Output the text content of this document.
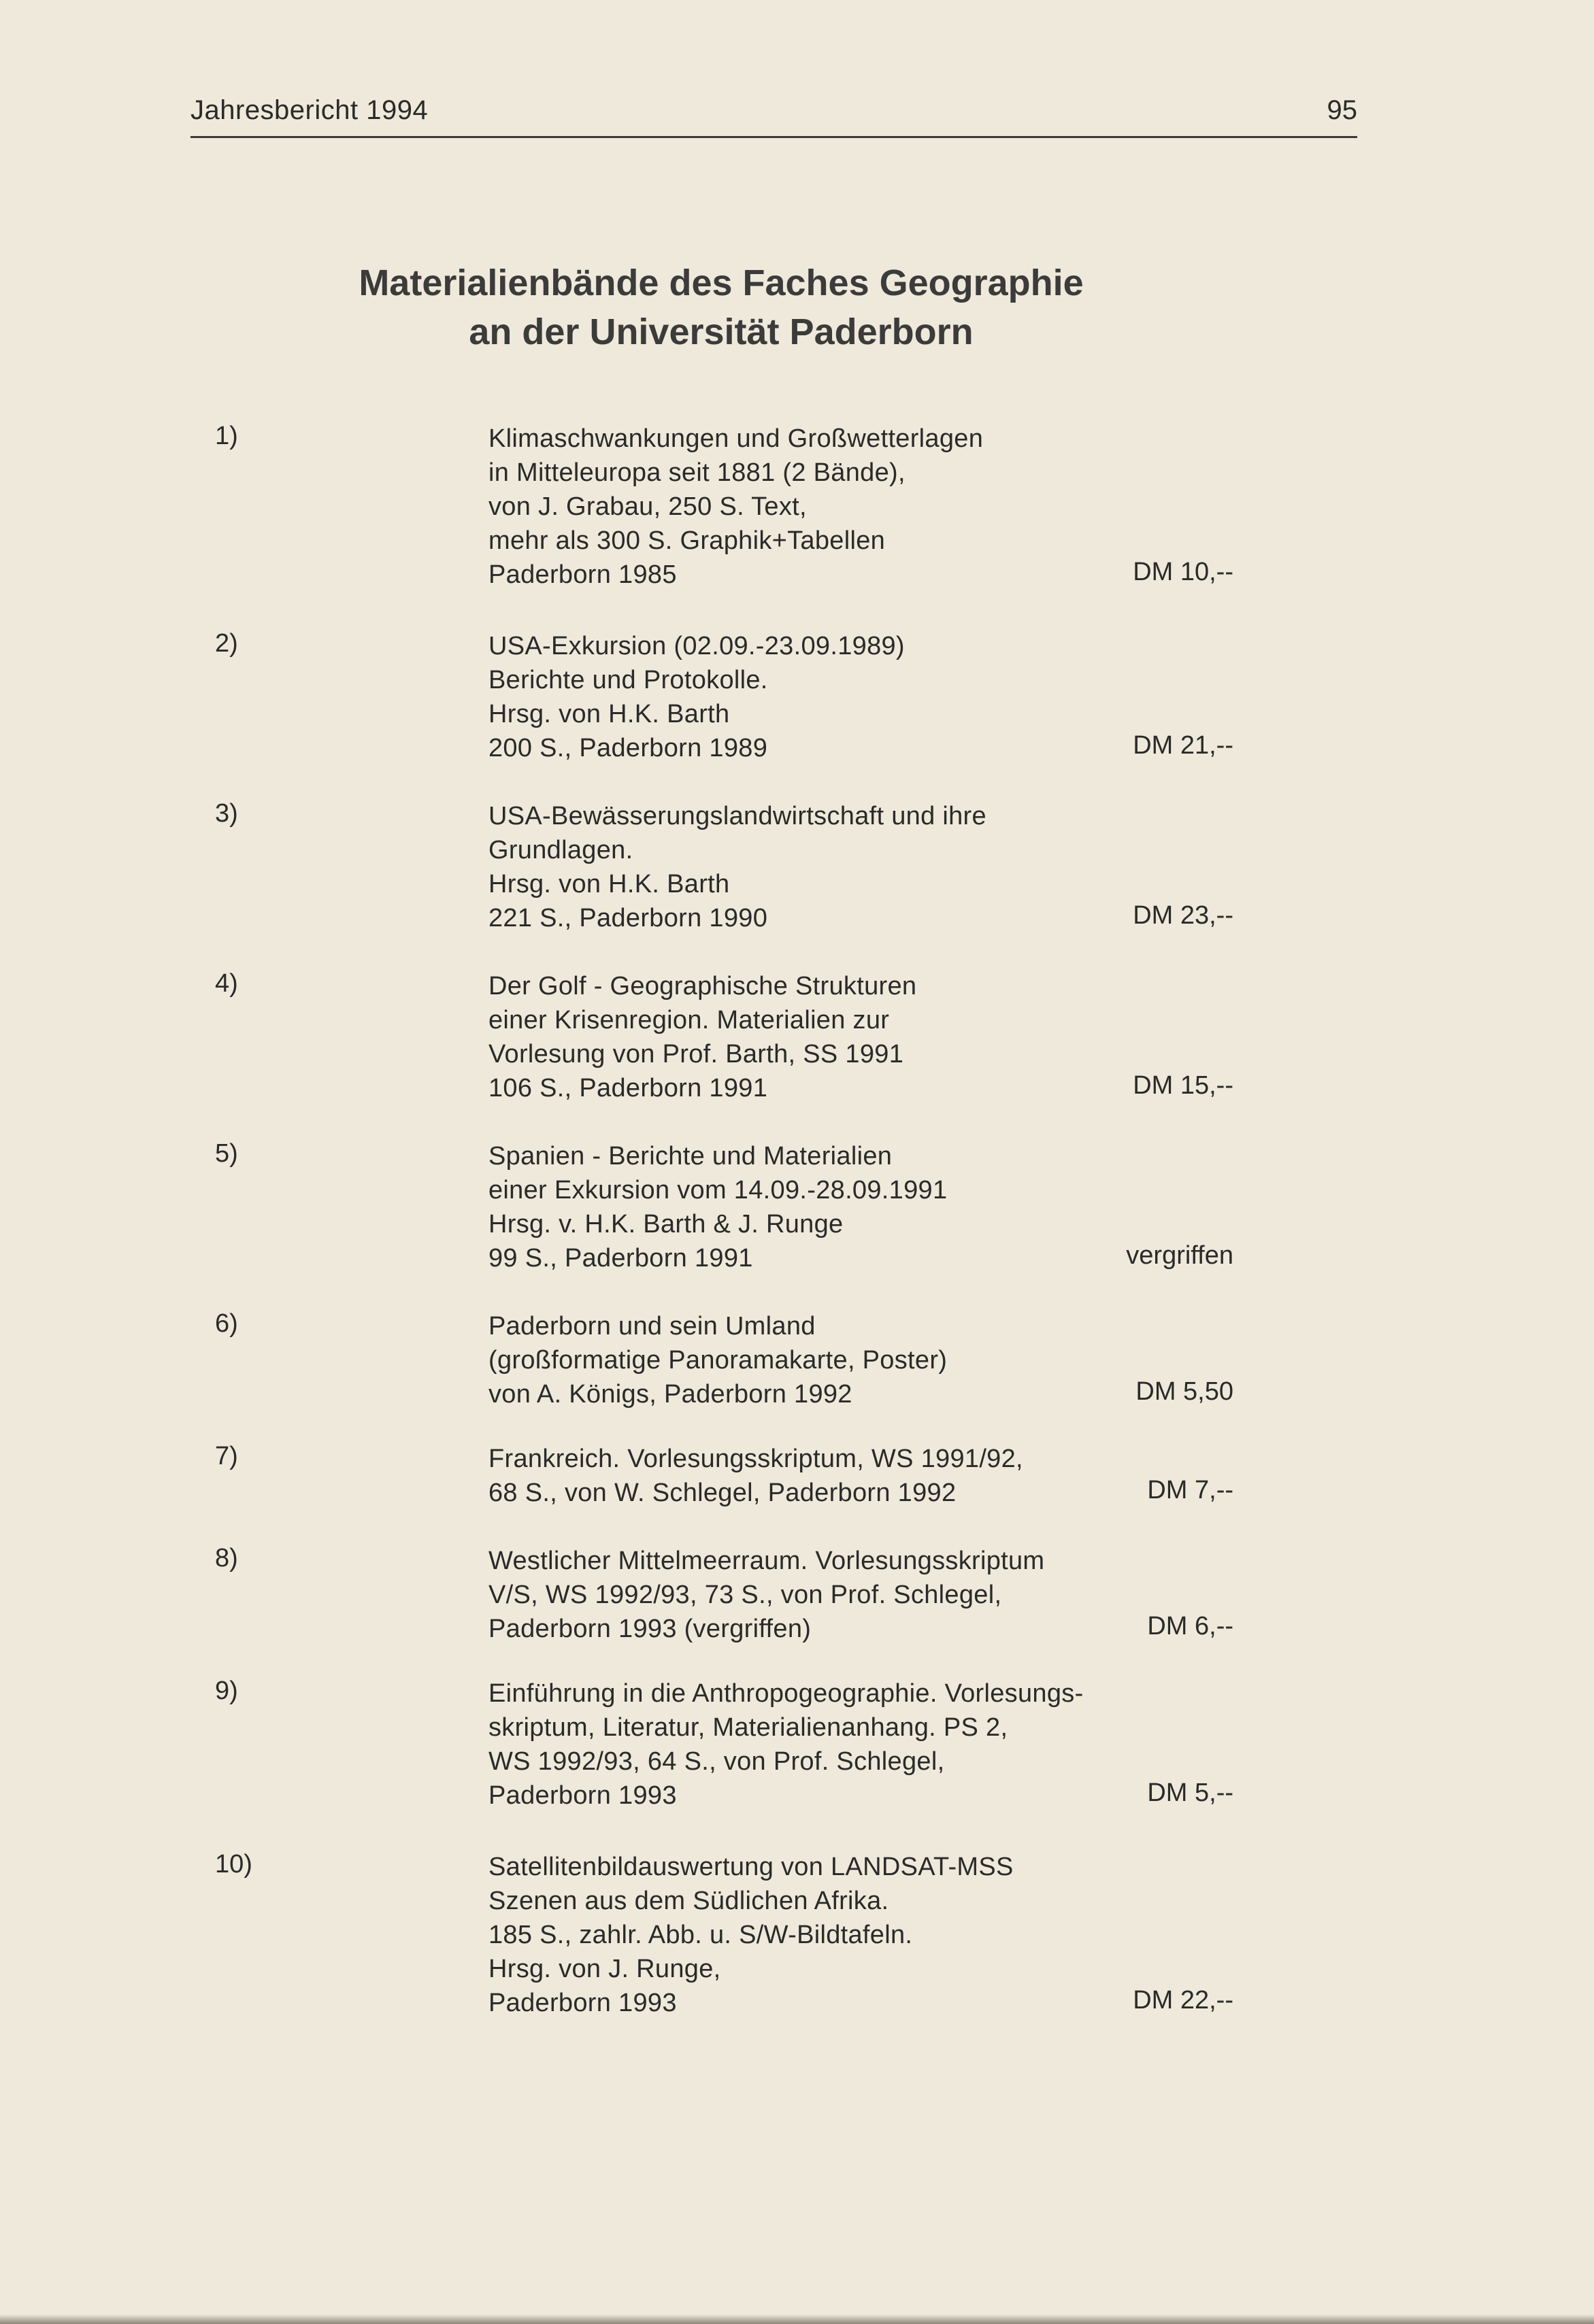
Jahresbericht 1994	95
Materialienbände des Faches Geographie
an der Universität Paderborn
1)	Klimaschwankungen und Großwetterlagen
in Mitteleuropa seit 1881 (2 Bände),
von J. Grabau, 250 S. Text,
mehr als 300 S. Graphik+Tabellen
Paderborn 1985	DM 10,--
2)	USA-Exkursion (02.09.-23.09.1989)
Berichte und Protokolle.
Hrsg. von H.K. Barth
200 S., Paderborn 1989	DM 21,--
3)	USA-Bewässerungslandwirtschaft und ihre
Grundlagen.
Hrsg. von H.K. Barth
221 S., Paderborn 1990	DM 23,--
4)	Der Golf - Geographische Strukturen
einer Krisenregion. Materialien zur
Vorlesung von Prof. Barth, SS 1991
106 S., Paderborn 1991	DM 15,--
5)	Spanien - Berichte und Materialien
einer Exkursion vom 14.09.-28.09.1991
Hrsg. v. H.K. Barth & J. Runge
99 S., Paderborn 1991	vergriffen
6)	Paderborn und sein Umland
(großformatige Panoramakarte, Poster)
von A. Königs, Paderborn 1992	DM 5,50
7)	Frankreich. Vorlesungsskriptum, WS 1991/92,
68 S., von W. Schlegel, Paderborn 1992	DM 7,--
8)	Westlicher Mittelmeerraum. Vorlesungsskriptum
V/S, WS 1992/93, 73 S., von Prof. Schlegel,
Paderborn 1993 (vergriffen)	DM 6,--
9)	Einführung in die Anthropogeographie. Vorlesungs-
skriptum, Literatur, Materialienanhang. PS 2,
WS 1992/93, 64 S., von Prof. Schlegel,
Paderborn 1993	DM 5,--
10)	Satellitenbildauswertung von LANDSAT-MSS
Szenen aus dem Südlichen Afrika.
185 S., zahlr. Abb. u. S/W-Bildtafeln.
Hrsg. von J. Runge,
Paderborn 1993	DM 22,--
